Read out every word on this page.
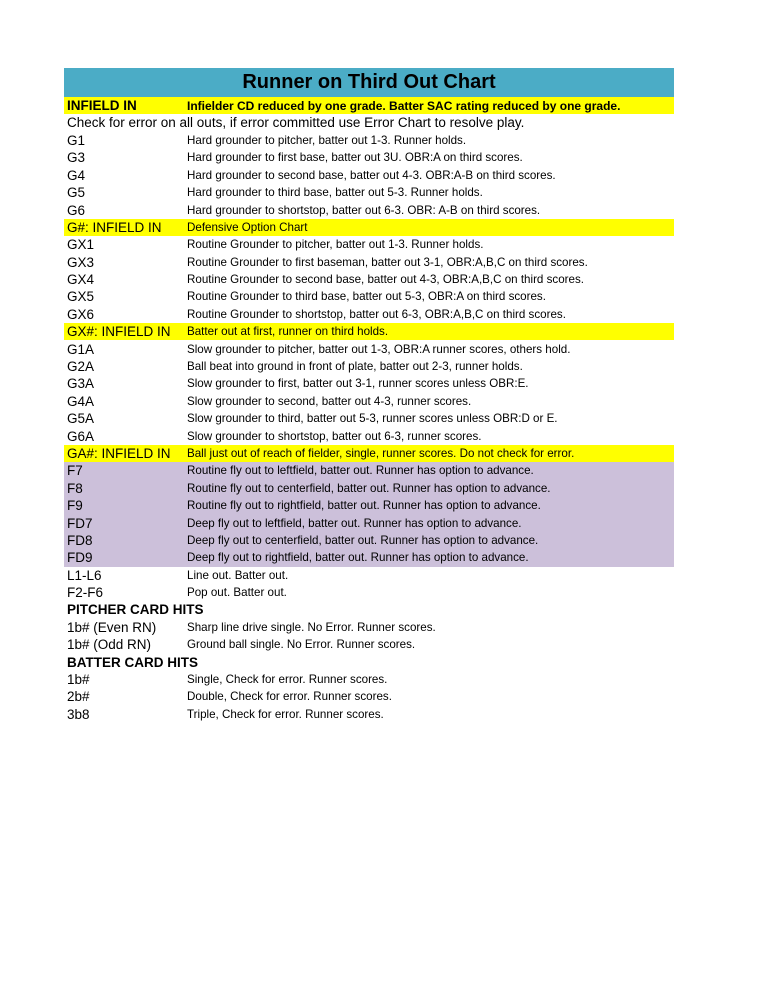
Runner on Third Out Chart
INFIELD IN	Infielder CD reduced by one grade. Batter SAC rating reduced by one grade.
Check for error on all outs, if error committed use Error Chart to resolve play.
G1	Hard grounder to pitcher, batter out 1-3. Runner holds.
G3	Hard grounder to first base, batter out 3U. OBR:A on third scores.
G4	Hard grounder to second base, batter out 4-3. OBR:A-B on third scores.
G5	Hard grounder to third base, batter out 5-3. Runner holds.
G6	Hard grounder to shortstop, batter out 6-3. OBR: A-B on third scores.
G#: INFIELD IN	Defensive Option Chart
GX1	Routine Grounder to pitcher, batter out 1-3. Runner holds.
GX3	Routine Grounder to first baseman, batter out 3-1, OBR:A,B,C on third scores.
GX4	Routine Grounder to second base, batter out 4-3, OBR:A,B,C on third scores.
GX5	Routine Grounder to third base, batter out 5-3, OBR:A on third scores.
GX6	Routine Grounder to shortstop, batter out 6-3, OBR:A,B,C on third scores.
GX#: INFIELD IN	Batter out at first, runner on third holds.
G1A	Slow grounder to pitcher, batter out 1-3, OBR:A runner scores, others hold.
G2A	Ball beat into ground in front of plate, batter out 2-3, runner holds.
G3A	Slow grounder to first, batter out 3-1, runner scores unless OBR:E.
G4A	Slow grounder to second, batter out 4-3, runner scores.
G5A	Slow grounder to third, batter out 5-3, runner scores unless OBR:D or E.
G6A	Slow grounder to shortstop, batter out 6-3, runner scores.
GA#: INFIELD IN	Ball just out of reach of fielder, single, runner scores. Do not check for error.
F7	Routine fly out to leftfield, batter out. Runner has option to advance.
F8	Routine fly out to centerfield, batter out. Runner has option to advance.
F9	Routine fly out to rightfield, batter out. Runner has option to advance.
FD7	Deep fly out to leftfield, batter out. Runner has option to advance.
FD8	Deep fly out to centerfield, batter out. Runner has option to advance.
FD9	Deep fly out to rightfield, batter out. Runner has option to advance.
L1-L6	Line out. Batter out.
F2-F6	Pop out. Batter out.
PITCHER CARD HITS
1b# (Even RN)	Sharp line drive single. No Error. Runner scores.
1b# (Odd RN)	Ground ball single. No Error. Runner scores.
BATTER CARD HITS
1b#	Single, Check for error. Runner scores.
2b#	Double, Check for error. Runner scores.
3b8	Triple, Check for error. Runner scores.
